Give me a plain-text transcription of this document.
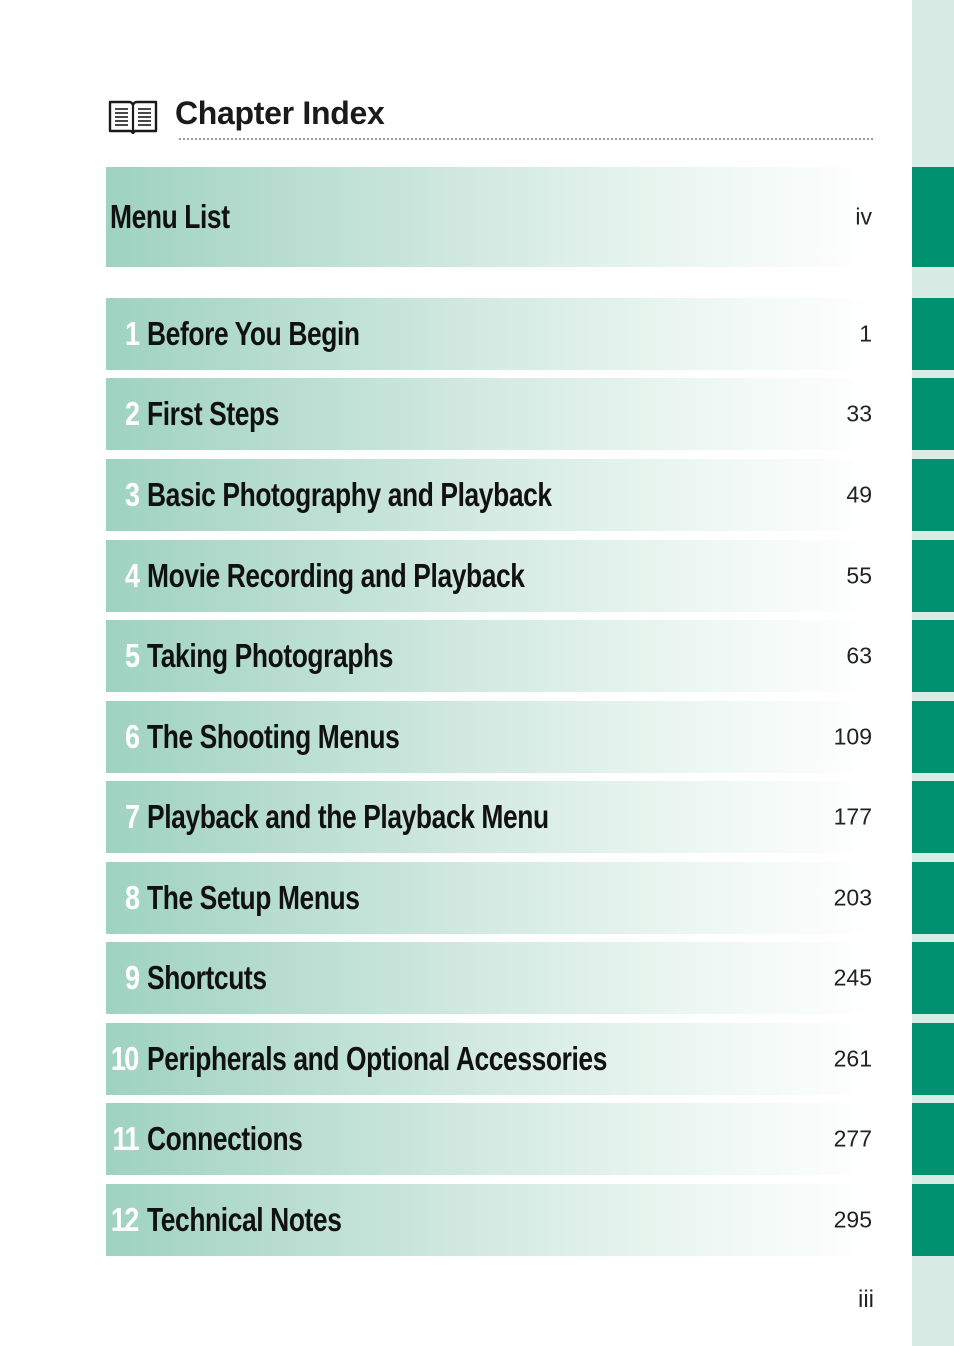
Chapter Index
Menu List	iv
1 Before You Begin	1
2 First Steps	33
3 Basic Photography and Playback	49
4 Movie Recording and Playback	55
5 Taking Photographs	63
6 The Shooting Menus	109
7 Playback and the Playback Menu	177
8 The Setup Menus	203
9 Shortcuts	245
10 Peripherals and Optional Accessories	261
11 Connections	277
12 Technical Notes	295
iii
